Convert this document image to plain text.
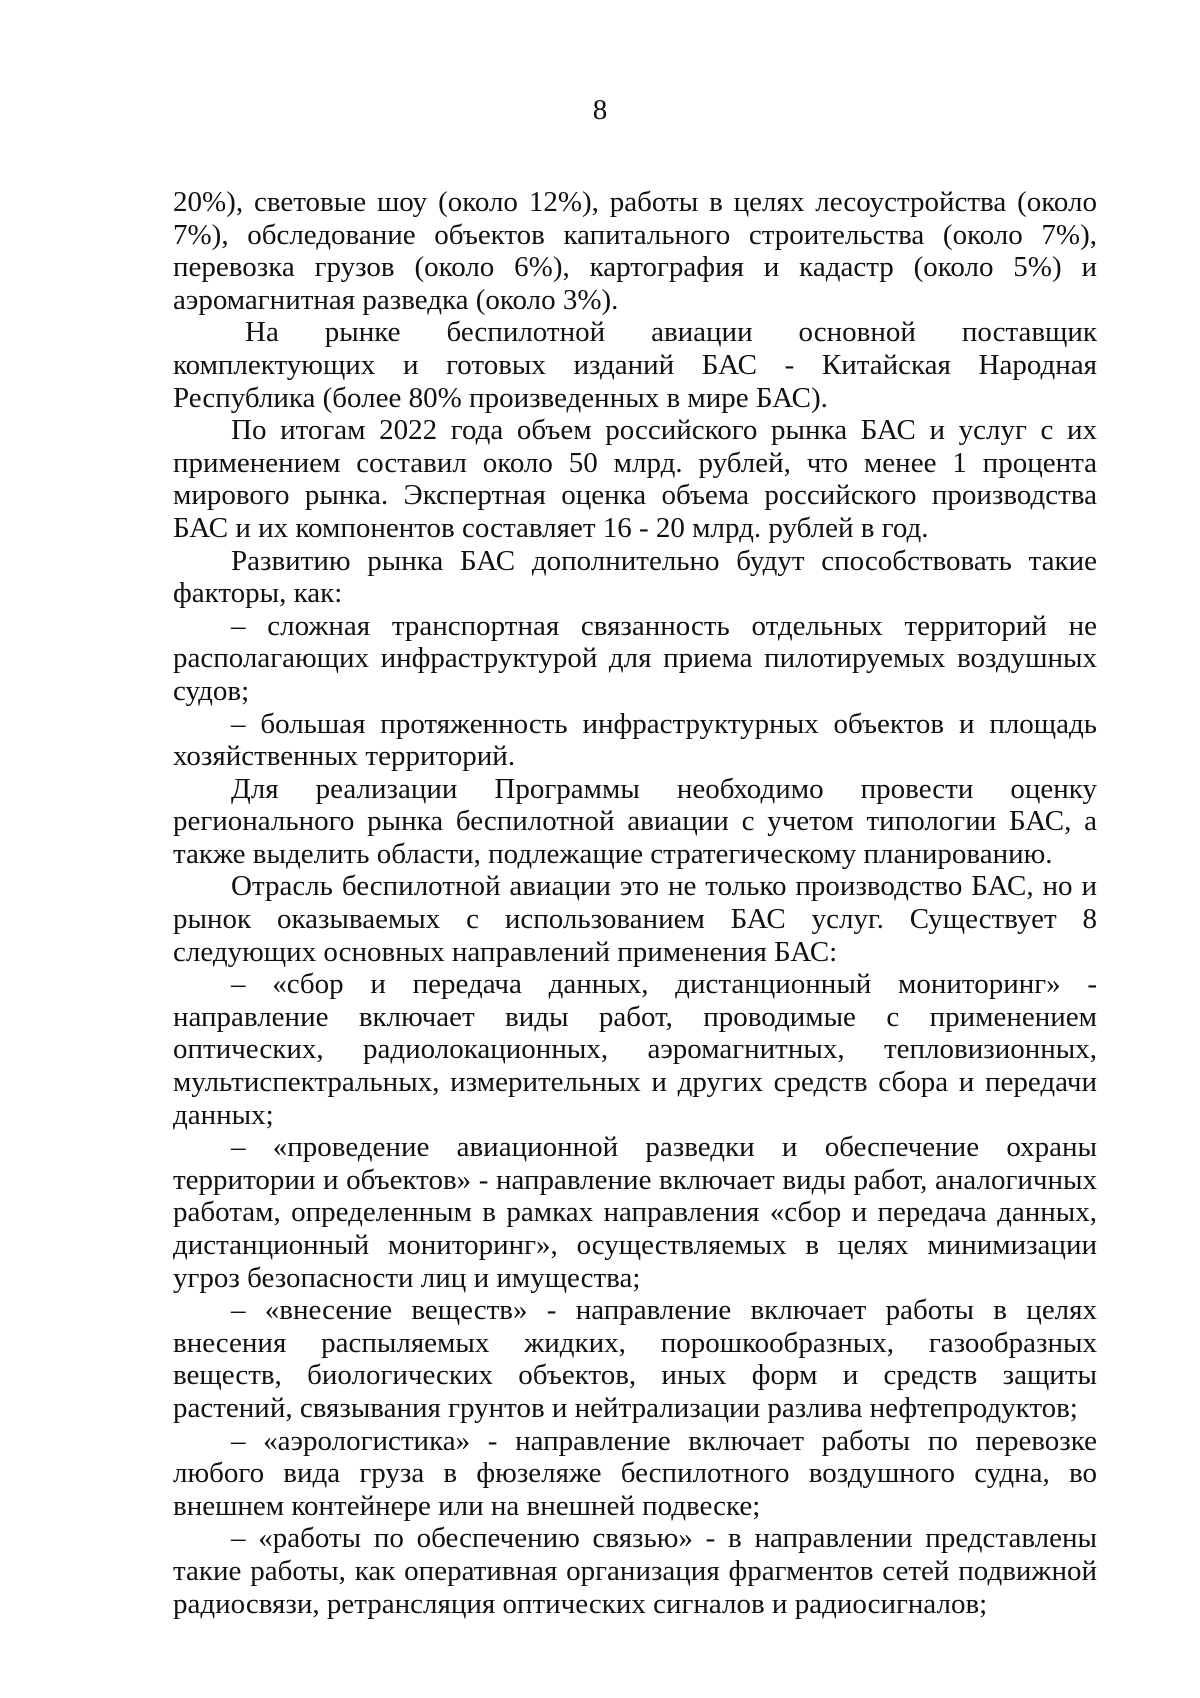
8

20%), световые шоу (около 12%), работы в целях лесоустройства (около 7%), обследование объектов капитального строительства (около 7%), перевозка грузов (около 6%), картография и кадастр (около 5%) и аэромагнитная разведка (около 3%).

На рынке беспилотной авиации основной поставщик комплектующих и готовых изданий БАС - Китайская Народная Республика (более 80% произведенных в мире БАС).

По итогам 2022 года объем российского рынка БАС и услуг с их применением составил около 50 млрд. рублей, что менее 1 процента мирового рынка. Экспертная оценка объема российского производства БАС и их компонентов составляет 16 - 20 млрд. рублей в год.

Развитию рынка БАС дополнительно будут способствовать такие факторы, как:

– сложная транспортная связанность отдельных территорий не располагающих инфраструктурой для приема пилотируемых воздушных судов;

– большая протяженность инфраструктурных объектов и площадь хозяйственных территорий.

Для реализации Программы необходимо провести оценку регионального рынка беспилотной авиации с учетом типологии БАС, а также выделить области, подлежащие стратегическому планированию.

Отрасль беспилотной авиации это не только производство БАС, но и рынок оказываемых с использованием БАС услуг. Существует 8 следующих основных направлений применения БАС:

– «сбор и передача данных, дистанционный мониторинг» - направление включает виды работ, проводимые с применением оптических, радиолокационных, аэромагнитных, тепловизионных, мультиспектральных, измерительных и других средств сбора и передачи данных;

– «проведение авиационной разведки и обеспечение охраны территории и объектов» - направление включает виды работ, аналогичных работам, определенным в рамках направления «сбор и передача данных, дистанционный мониторинг», осуществляемых в целях минимизации угроз безопасности лиц и имущества;

– «внесение веществ» - направление включает работы в целях внесения распыляемых жидких, порошкообразных, газообразных веществ, биологических объектов, иных форм и средств защиты растений, связывания грунтов и нейтрализации разлива нефтепродуктов;

– «аэрологистика» - направление включает работы по перевозке любого вида груза в фюзеляже беспилотного воздушного судна, во внешнем контейнере или на внешней подвеске;

– «работы по обеспечению связью» - в направлении представлены такие работы, как оперативная организация фрагментов сетей подвижной радиосвязи, ретрансляция оптических сигналов и радиосигналов;
